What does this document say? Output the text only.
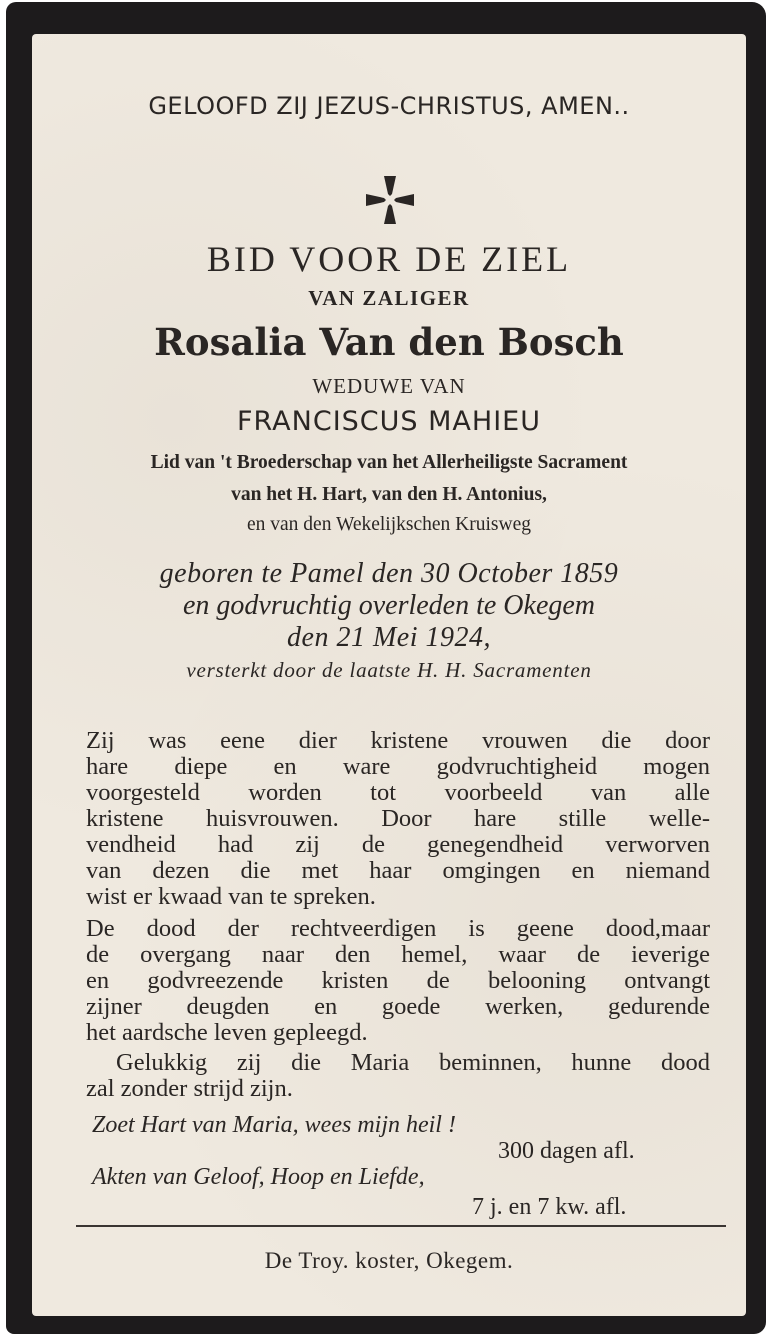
GELOOFD ZIJ JEZUS-CHRISTUS, AMEN..
BID VOOR DE ZIEL
VAN ZALIGER
Rosalia Van den Bosch
WEDUWE VAN
FRANCISCUS MAHIEU
Lid van 't Broederschap van het Allerheiligste Sacrament
van het H. Hart, van den H. Antonius,
en van den Wekelijkschen Kruisweg
geboren te Pamel den 30 October 1859
en godvruchtig overleden te Okegem
den 21 Mei 1924,
versterkt door de laatste H. H. Sacramenten
Zij was eene dier kristene vrouwen die door
hare diepe en ware godvruchtigheid mogen
voorgesteld worden tot voorbeeld van alle
kristene huisvrouwen. Door hare stille welle-
vendheid had zij de genegendheid verworven
van dezen die met haar omgingen en niemand
wist er kwaad van te spreken.
De dood der rechtveerdigen is geene dood,maar
de overgang naar den hemel, waar de ieverige
en godvreezende kristen de belooning ontvangt
zijner deugden en goede werken, gedurende
het aardsche leven gepleegd.
Gelukkig zij die Maria beminnen, hunne dood
zal zonder strijd zijn.
Zoet Hart van Maria, wees mijn heil !
300 dagen afl.
Akten van Geloof, Hoop en Liefde,
7 j. en 7 kw. afl.
De Troy. koster, Okegem.
